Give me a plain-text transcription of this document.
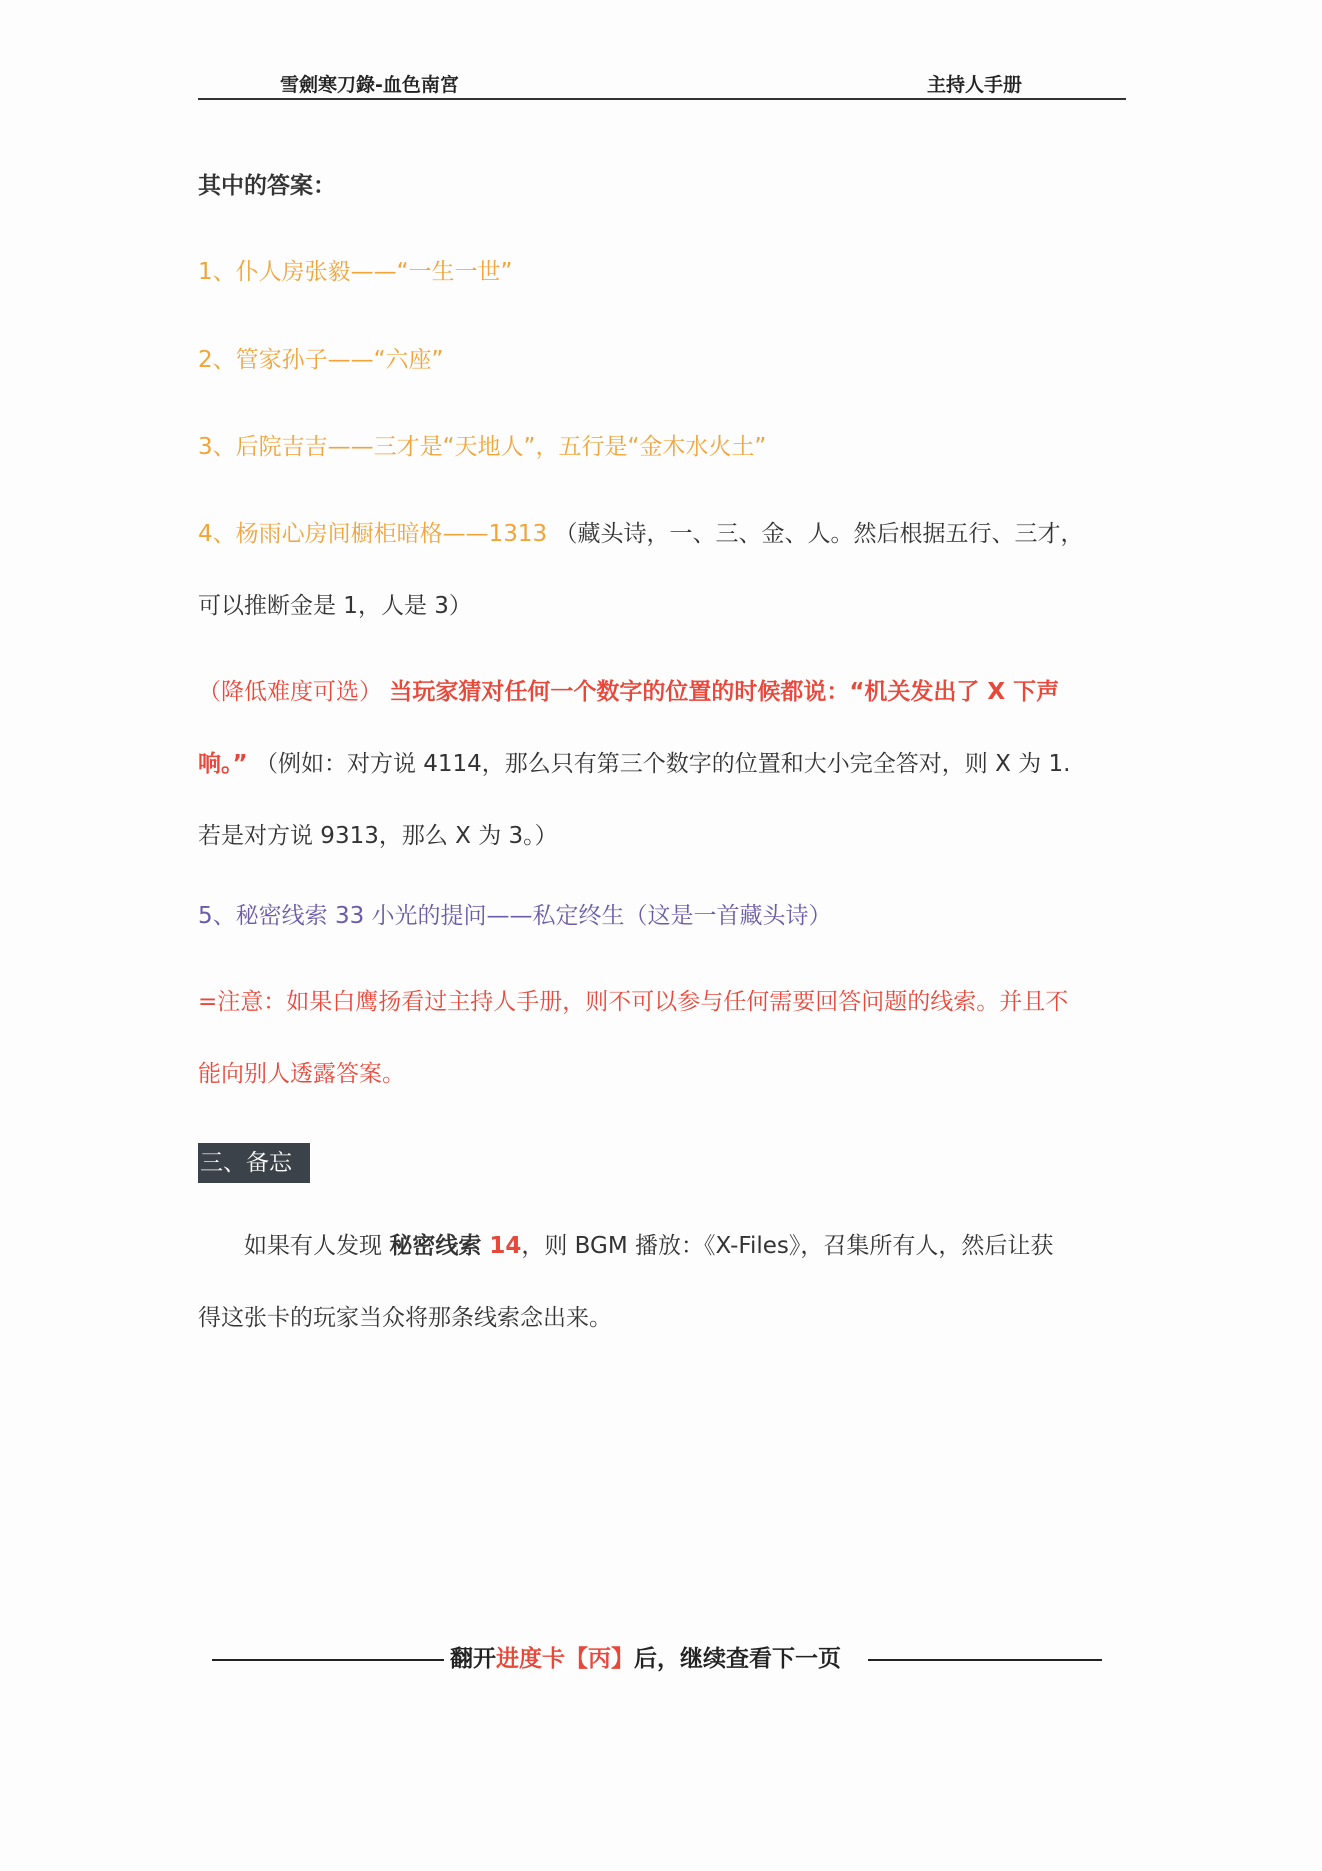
雪劍寒刀錄-血色南宮	主持人手册
其中的答案：
1、仆人房张毅——“一生一世”
2、管家孙子——“六座”
3、后院吉吉——三才是“天地人”，五行是“金木水火土”
4、杨雨心房间橱柜暗格——1313 （藏头诗，一、三、金、人。然后根据五行、三才，
可以推断金是 1，人是 3）
（降低难度可选） 当玩家猜对任何一个数字的位置的时候都说：“机关发出了 X 下声
响。” （例如：对方说 4114，那么只有第三个数字的位置和大小完全答对，则 X 为 1.
若是对方说 9313，那么 X 为 3。）
5、秘密线索 33 小光的提问——私定终生（这是一首藏头诗）
=注意：如果白鹰扬看过主持人手册，则不可以参与任何需要回答问题的线索。并且不
能向别人透露答案。
三、备忘
如果有人发现 秘密线索 14，则 BGM 播放：《X-Files》，召集所有人，然后让获
得这张卡的玩家当众将那条线索念出来。
翻开进度卡【丙】后，继续查看下一页
